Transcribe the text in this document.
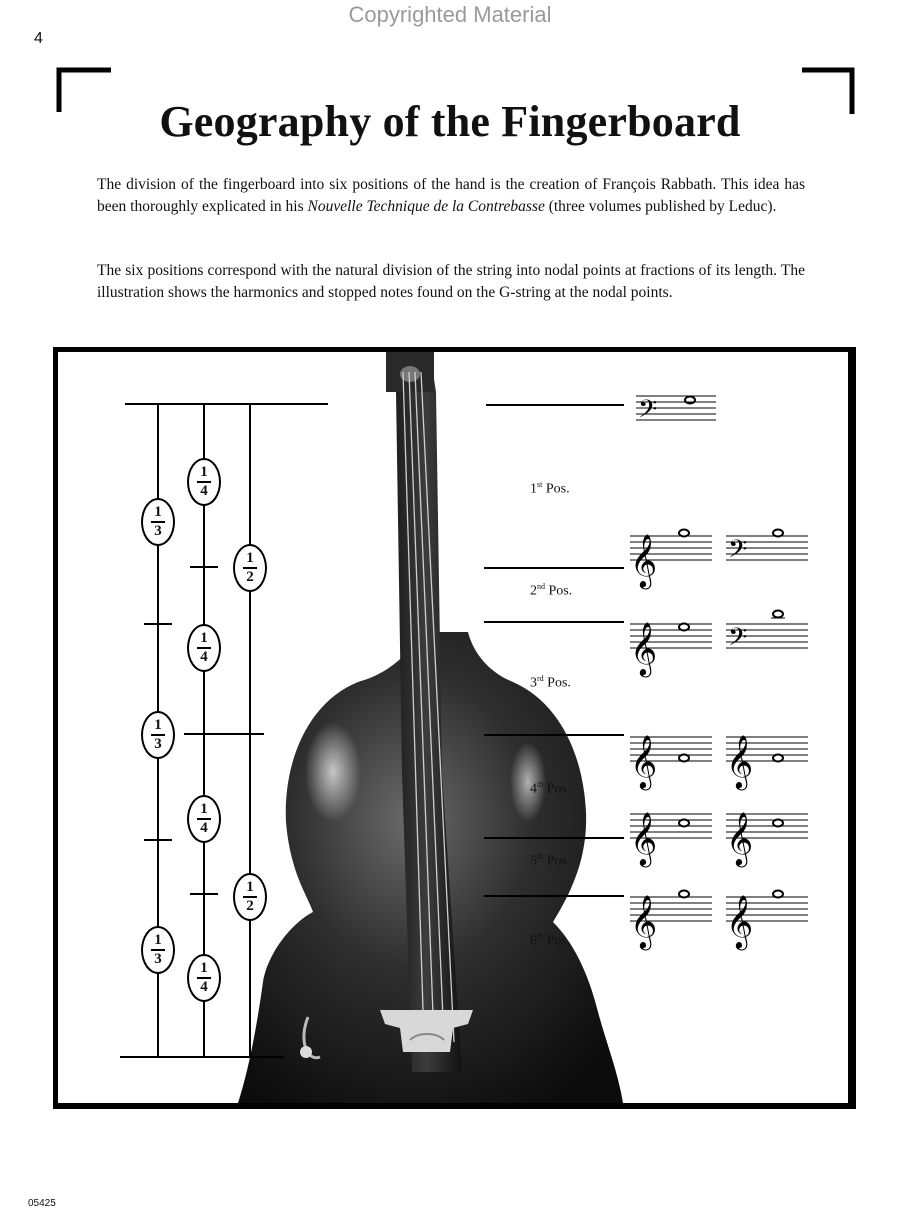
Copyrighted Material
4
Geography of the Fingerboard

The division of the fingerboard into six positions of the hand is the creation of François Rabbath. This idea has been thoroughly explicated in his Nouvelle Technique de la Contrebasse (three volumes published by Leduc).

The six positions correspond with the natural division of the string into nodal points at fractions of its length. The illustration shows the harmonics and stopped notes found on the G-string at the nodal points.

𝄢
𝄞 𝄢
𝄞 𝄢
𝄞 𝄞
𝄞 𝄞
𝄞 𝄞
1
3
1
3
1
3
1
4
1
4
1
4
1
4
1
2
1
2
1st Pos.
2nd Pos.
3rd Pos.
4th Pos.
5th Pos.
6th Pos.
05425
